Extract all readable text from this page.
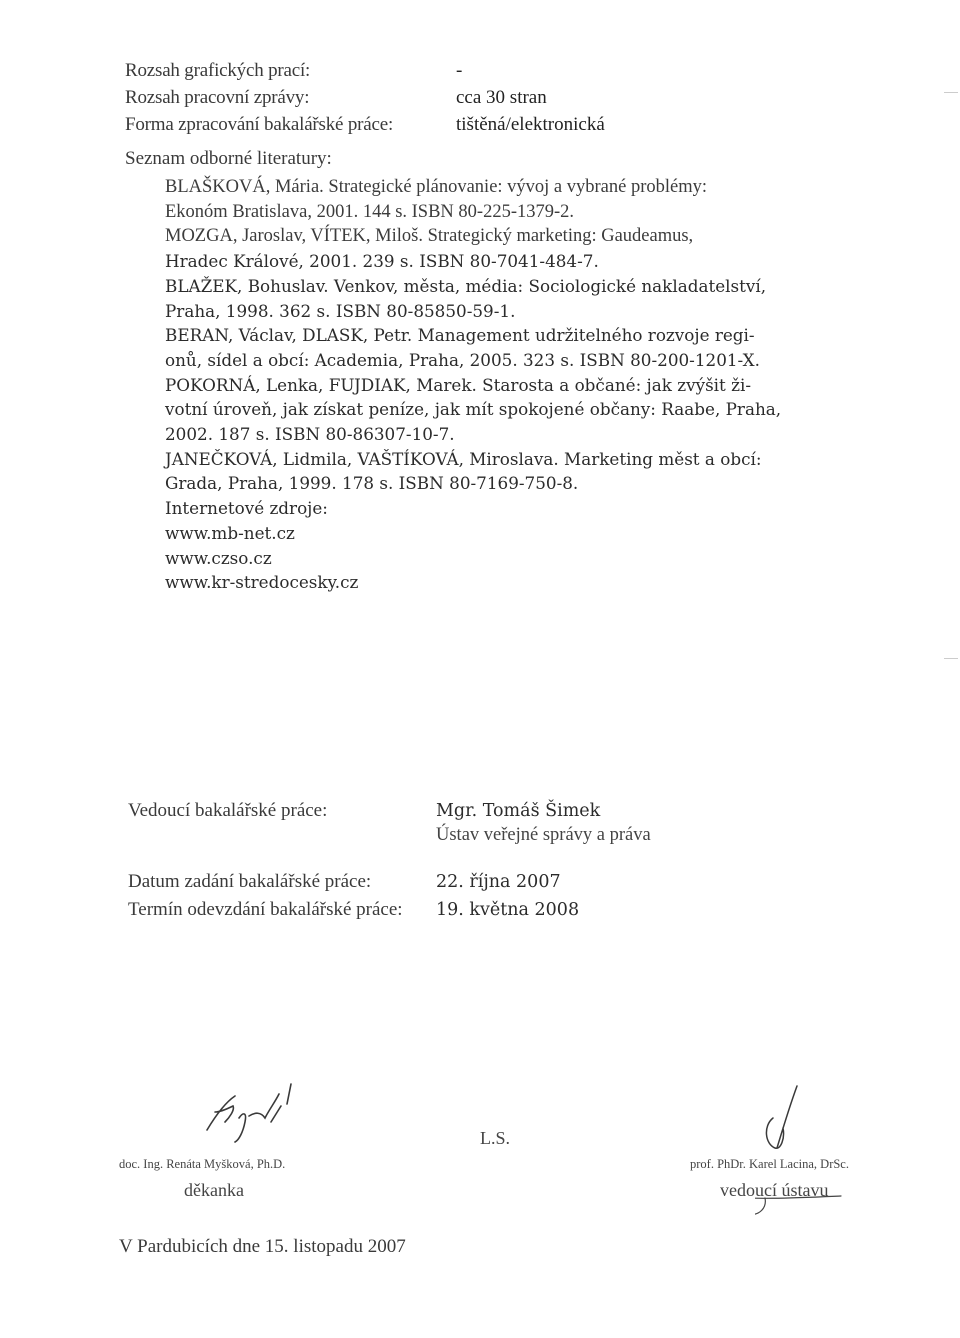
Rozsah grafických prací:	-
Rozsah pracovní zprávy:	cca 30 stran
Forma zpracování bakalářské práce:	tištěná/elektronická
Seznam odborné literatury:
BLAŠKOVÁ, Mária. Strategické plánovanie: vývoj a vybrané problémy:
Ekonóm Bratislava, 2001. 144 s. ISBN 80-225-1379-2.
MOZGA, Jaroslav, VÍTEK, Miloš. Strategický marketing: Gaudeamus,
Hradec Králové, 2001. 239 s. ISBN 80-7041-484-7.
BLAŽEK, Bohuslav. Venkov, města, média: Sociologické nakladatelství,
Praha, 1998. 362 s. ISBN 80-85850-59-1.
BERAN, Václav, DLASK, Petr. Management udržitelného rozvoje regi-
onů, sídel a obcí: Academia, Praha, 2005. 323 s. ISBN 80-200-1201-X.
POKORNÁ, Lenka, FUJDIAK, Marek. Starosta a občané: jak zvýšit ži-
votní úroveň, jak získat peníze, jak mít spokojené občany: Raabe, Praha,
2002. 187 s. ISBN 80-86307-10-7.
JANEČKOVÁ, Lidmila, VAŠTÍKOVÁ, Miroslava. Marketing měst a obcí:
Grada, Praha, 1999. 178 s. ISBN 80-7169-750-8.
Internetové zdroje:
www.mb-net.cz
www.czso.cz
www.kr-stredocesky.cz
Vedoucí bakalářské práce:	Mgr. Tomáš Šimek
Ústav veřejné správy a práva
Datum zadání bakalářské práce:	22. října 2007
Termín odevzdání bakalářské práce: 19. května 2008
doc. Ing. Renáta Myšková, Ph.D.
děkanka
L.S.
prof. PhDr. Karel Lacina, DrSc.
vedoucí ústavu
V Pardubicích dne 15. listopadu 2007
